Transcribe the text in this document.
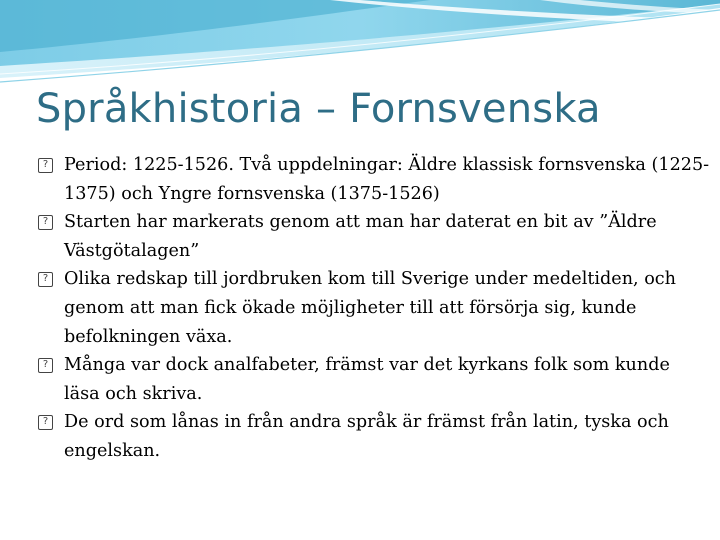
Språkhistoria – Fornsvenska
? Period: 1225-1526. Två uppdelningar: Äldre klassisk fornsvenska (1225-1375) och Yngre fornsvenska (1375-1526)
? Starten har markerats genom att man har daterat en bit av ”Äldre Västgötalagen”
? Olika redskap till jordbruken kom till Sverige under medeltiden, och genom att man fick ökade möjligheter till att försörja sig, kunde befolkningen växa.
? Många var dock analfabeter, främst var det kyrkans folk som kunde läsa och skriva.
? De ord som lånas in från andra språk är främst från latin, tyska och engelskan.
